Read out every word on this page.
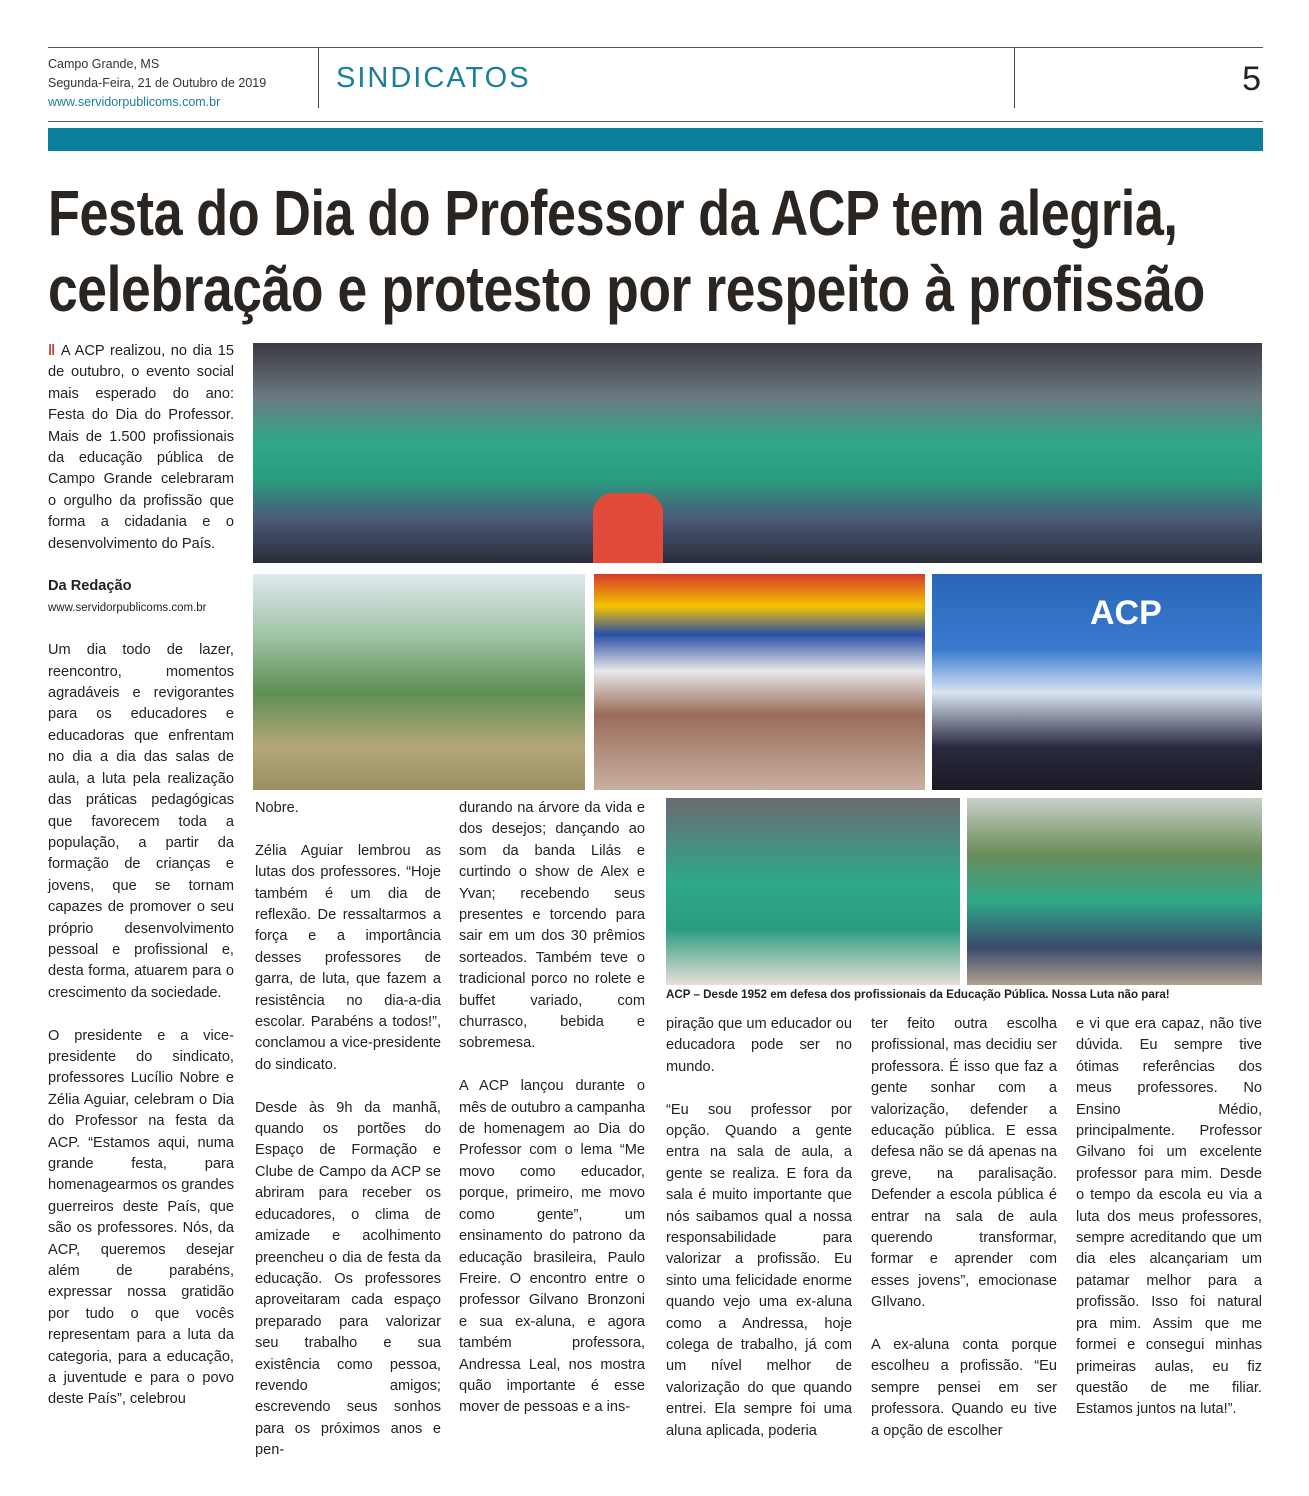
Campo Grande, MS
Segunda-Feira, 21 de Outubro de 2019
www.servidorpublicoms.com.br
SINDICATOS	5
Festa do Dia do Professor da ACP tem alegria,
celebração e protesto por respeito à profissão
ACP
ACP – Desde 1952 em defesa dos profissionais da Educação Pública. Nossa Luta não para!

‖ A ACP realizou, no dia 15 de outubro, o evento social mais esperado do ano: Festa do Dia do Professor. Mais de 1.500 profissionais da educação pública de Campo Grande celebraram o orgulho da profissão que forma a cidadania e o desenvolvimento do País.

Da Redação

www.servidorpublicoms.com.br

Um dia todo de lazer, reencontro, momentos agradáveis e revigorantes para os educadores e educadoras que enfrentam no dia a dia das salas de aula, a luta pela realização das práticas pedagógicas que favorecem toda a população, a partir da formação de crianças e jovens, que se tornam capazes de promover o seu próprio desenvolvimento pessoal e profissional e, desta forma, atuarem para o crescimento da sociedade.

O presidente e a vice-presidente do sindicato, professores Lucílio Nobre e Zélia Aguiar, celebram o Dia do Professor na festa da ACP. “Estamos aqui, numa grande festa, para homenagearmos os grandes guerreiros deste País, que são os professores. Nós, da ACP, queremos desejar além de parabéns, expressar nossa gratidão por tudo o que vocês representam para a luta da categoria, para a educação, a juventude e para o povo deste País”, celebrou

Nobre.

Zélia Aguiar lembrou as lutas dos professores. “Hoje também é um dia de reflexão. De ressaltarmos a força e a importância desses professores de garra, de luta, que fazem a resistência no dia-a-dia escolar. Parabéns a todos!”, conclamou a vice-presidente do sindicato.

Desde às 9h da manhã, quando os portões do Espaço de Formação e Clube de Campo da ACP se abriram para receber os educadores, o clima de amizade e acolhimento preencheu o dia de festa da educação. Os professores aproveitaram cada espaço preparado para valorizar seu trabalho e sua existência como pessoa, revendo amigos; escrevendo seus sonhos para os próximos anos e pen-

durando na árvore da vida e dos desejos; dançando ao som da banda Lilás e curtindo o show de Alex e Yvan; recebendo seus presentes e torcendo para sair em um dos 30 prêmios sorteados. Também teve o tradicional porco no rolete e buffet variado, com churrasco, bebida e sobremesa.

A ACP lançou durante o mês de outubro a campanha de homenagem ao Dia do Professor com o lema “Me movo como educador, porque, primeiro, me movo como gente”, um ensinamento do patrono da educação brasileira, Paulo Freire. O encontro entre o professor Gilvano Bronzoni e sua ex-aluna, e agora também professora, Andressa Leal, nos mostra quão importante é esse mover de pessoas e a ins-

piração que um educador ou educadora pode ser no mundo.

“Eu sou professor por opção. Quando a gente entra na sala de aula, a gente se realiza. E fora da sala é muito importante que nós saibamos qual a nossa responsabilidade para valorizar a profissão. Eu sinto uma felicidade enorme quando vejo uma ex-aluna como a Andressa, hoje colega de trabalho, já com um nível melhor de valorização do que quando entrei. Ela sempre foi uma aluna aplicada, poderia

ter feito outra escolha profissional, mas decidiu ser professora. É isso que faz a gente sonhar com a valorização, defender a educação pública. E essa defesa não se dá apenas na greve, na paralisação. Defender a escola pública é entrar na sala de aula querendo transformar, formar e aprender com esses jovens”, emocionase GIlvano.

A ex-aluna conta porque escolheu a profissão. “Eu sempre pensei em ser professora. Quando eu tive a opção de escolher

e vi que era capaz, não tive dúvida. Eu sempre tive ótimas referências dos meus professores. No Ensino Médio, principalmente. Professor Gilvano foi um excelente professor para mim. Desde o tempo da escola eu via a luta dos meus professores, sempre acreditando que um dia eles alcançariam um patamar melhor para a profissão. Isso foi natural pra mim. Assim que me formei e consegui minhas primeiras aulas, eu fiz questão de me filiar. Estamos juntos na luta!”.
